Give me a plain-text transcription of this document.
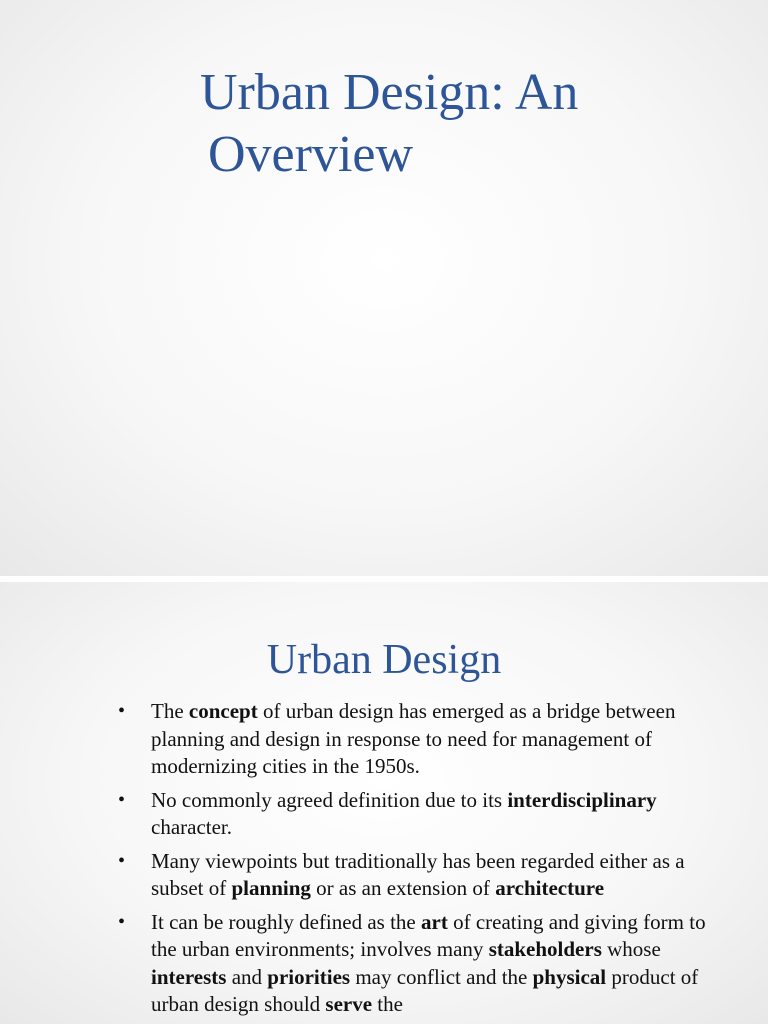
Urban Design: An
Overview
Urban Design
• The concept of urban design has emerged as a bridge between planning and design in response to need for management of modernizing cities in the 1950s.
• No commonly agreed definition due to its interdisciplinary character.
• Many viewpoints but traditionally has been regarded either as a subset of planning or as an extension of architecture
• It can be roughly defined as the art of creating and giving form to the urban environments; involves many stakeholders whose interests and priorities may conflict and the physical product of urban design should serve the
